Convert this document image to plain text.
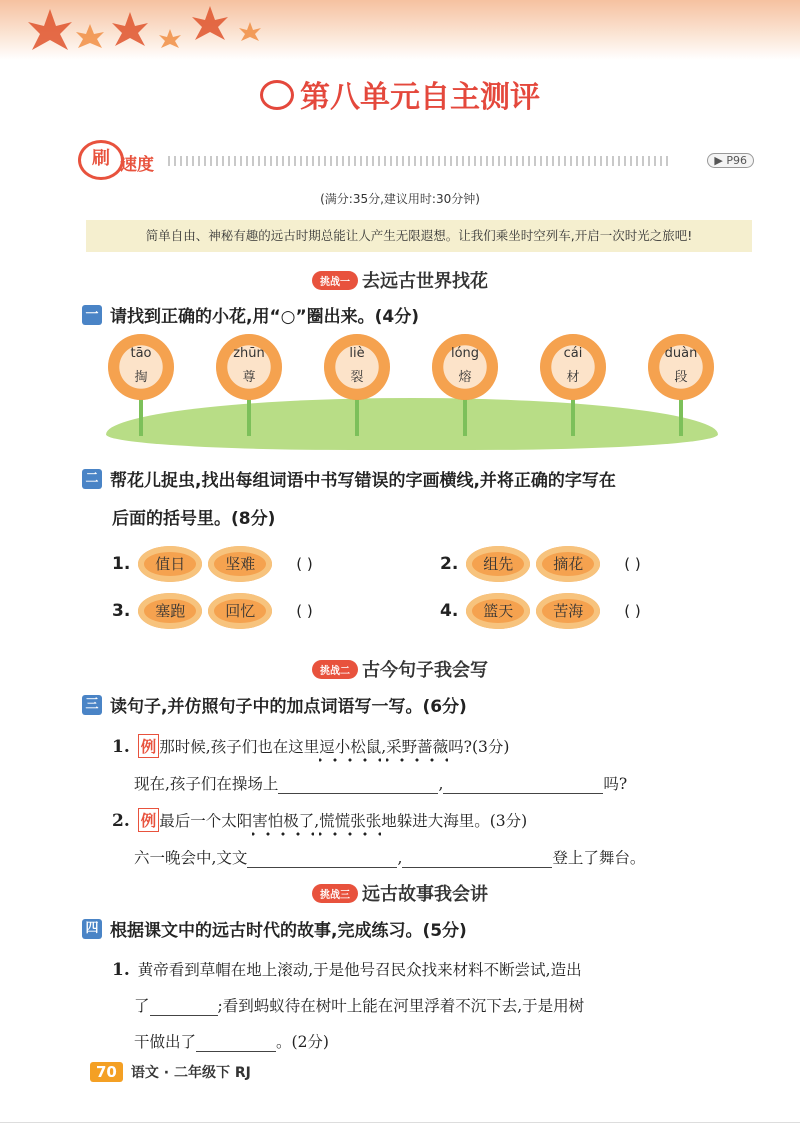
第八单元自主测评
刷 速度	▶ P96
(满分:35分,建议用时:30分钟)
简单自由、神秘有趣的远古时期总能让人产生无限遐想。让我们乘坐时空列车,开启一次时光之旅吧!
挑战一 去远古世界找花
一 请找到正确的小花,用“○”圈出来。(4分)
tāo
掏
zhūn
尊
liè
裂
lóng
熔
cái
材
duàn
段
二 帮花儿捉虫,找出每组词语中书写错误的字画横线,并将正确的字写在
后面的括号里。(8分)
1. 值日	坚难	( )	2. 组先	摘花	( )
3. 塞跑	回忆	( )	4. 篮天	苦海	( )
挑战二 古今句子我会写
三 读句子,并仿照句子中的加点词语写一写。(6分)
1. 例 那时候,孩子们也在这里逗小松鼠,采野蔷薇吗?(3分)
现在,孩子们在操场上	,	吗?
2. 例 最后一个太阳害怕极了,慌慌张张地躲进大海里。(3分)
六一晚会中,文文	,	登上了舞台。
挑战三 远古故事我会讲
四 根据课文中的远古时代的故事,完成练习。(5分)
1. 黄帝看到草帽在地上滚动,于是他号召民众找来材料不断尝试,造出
了	;看到蚂蚁待在树叶上能在河里浮着不沉下去,于是用树
干做出了	。(2分)
70 语文 · 二年级下 RJ
